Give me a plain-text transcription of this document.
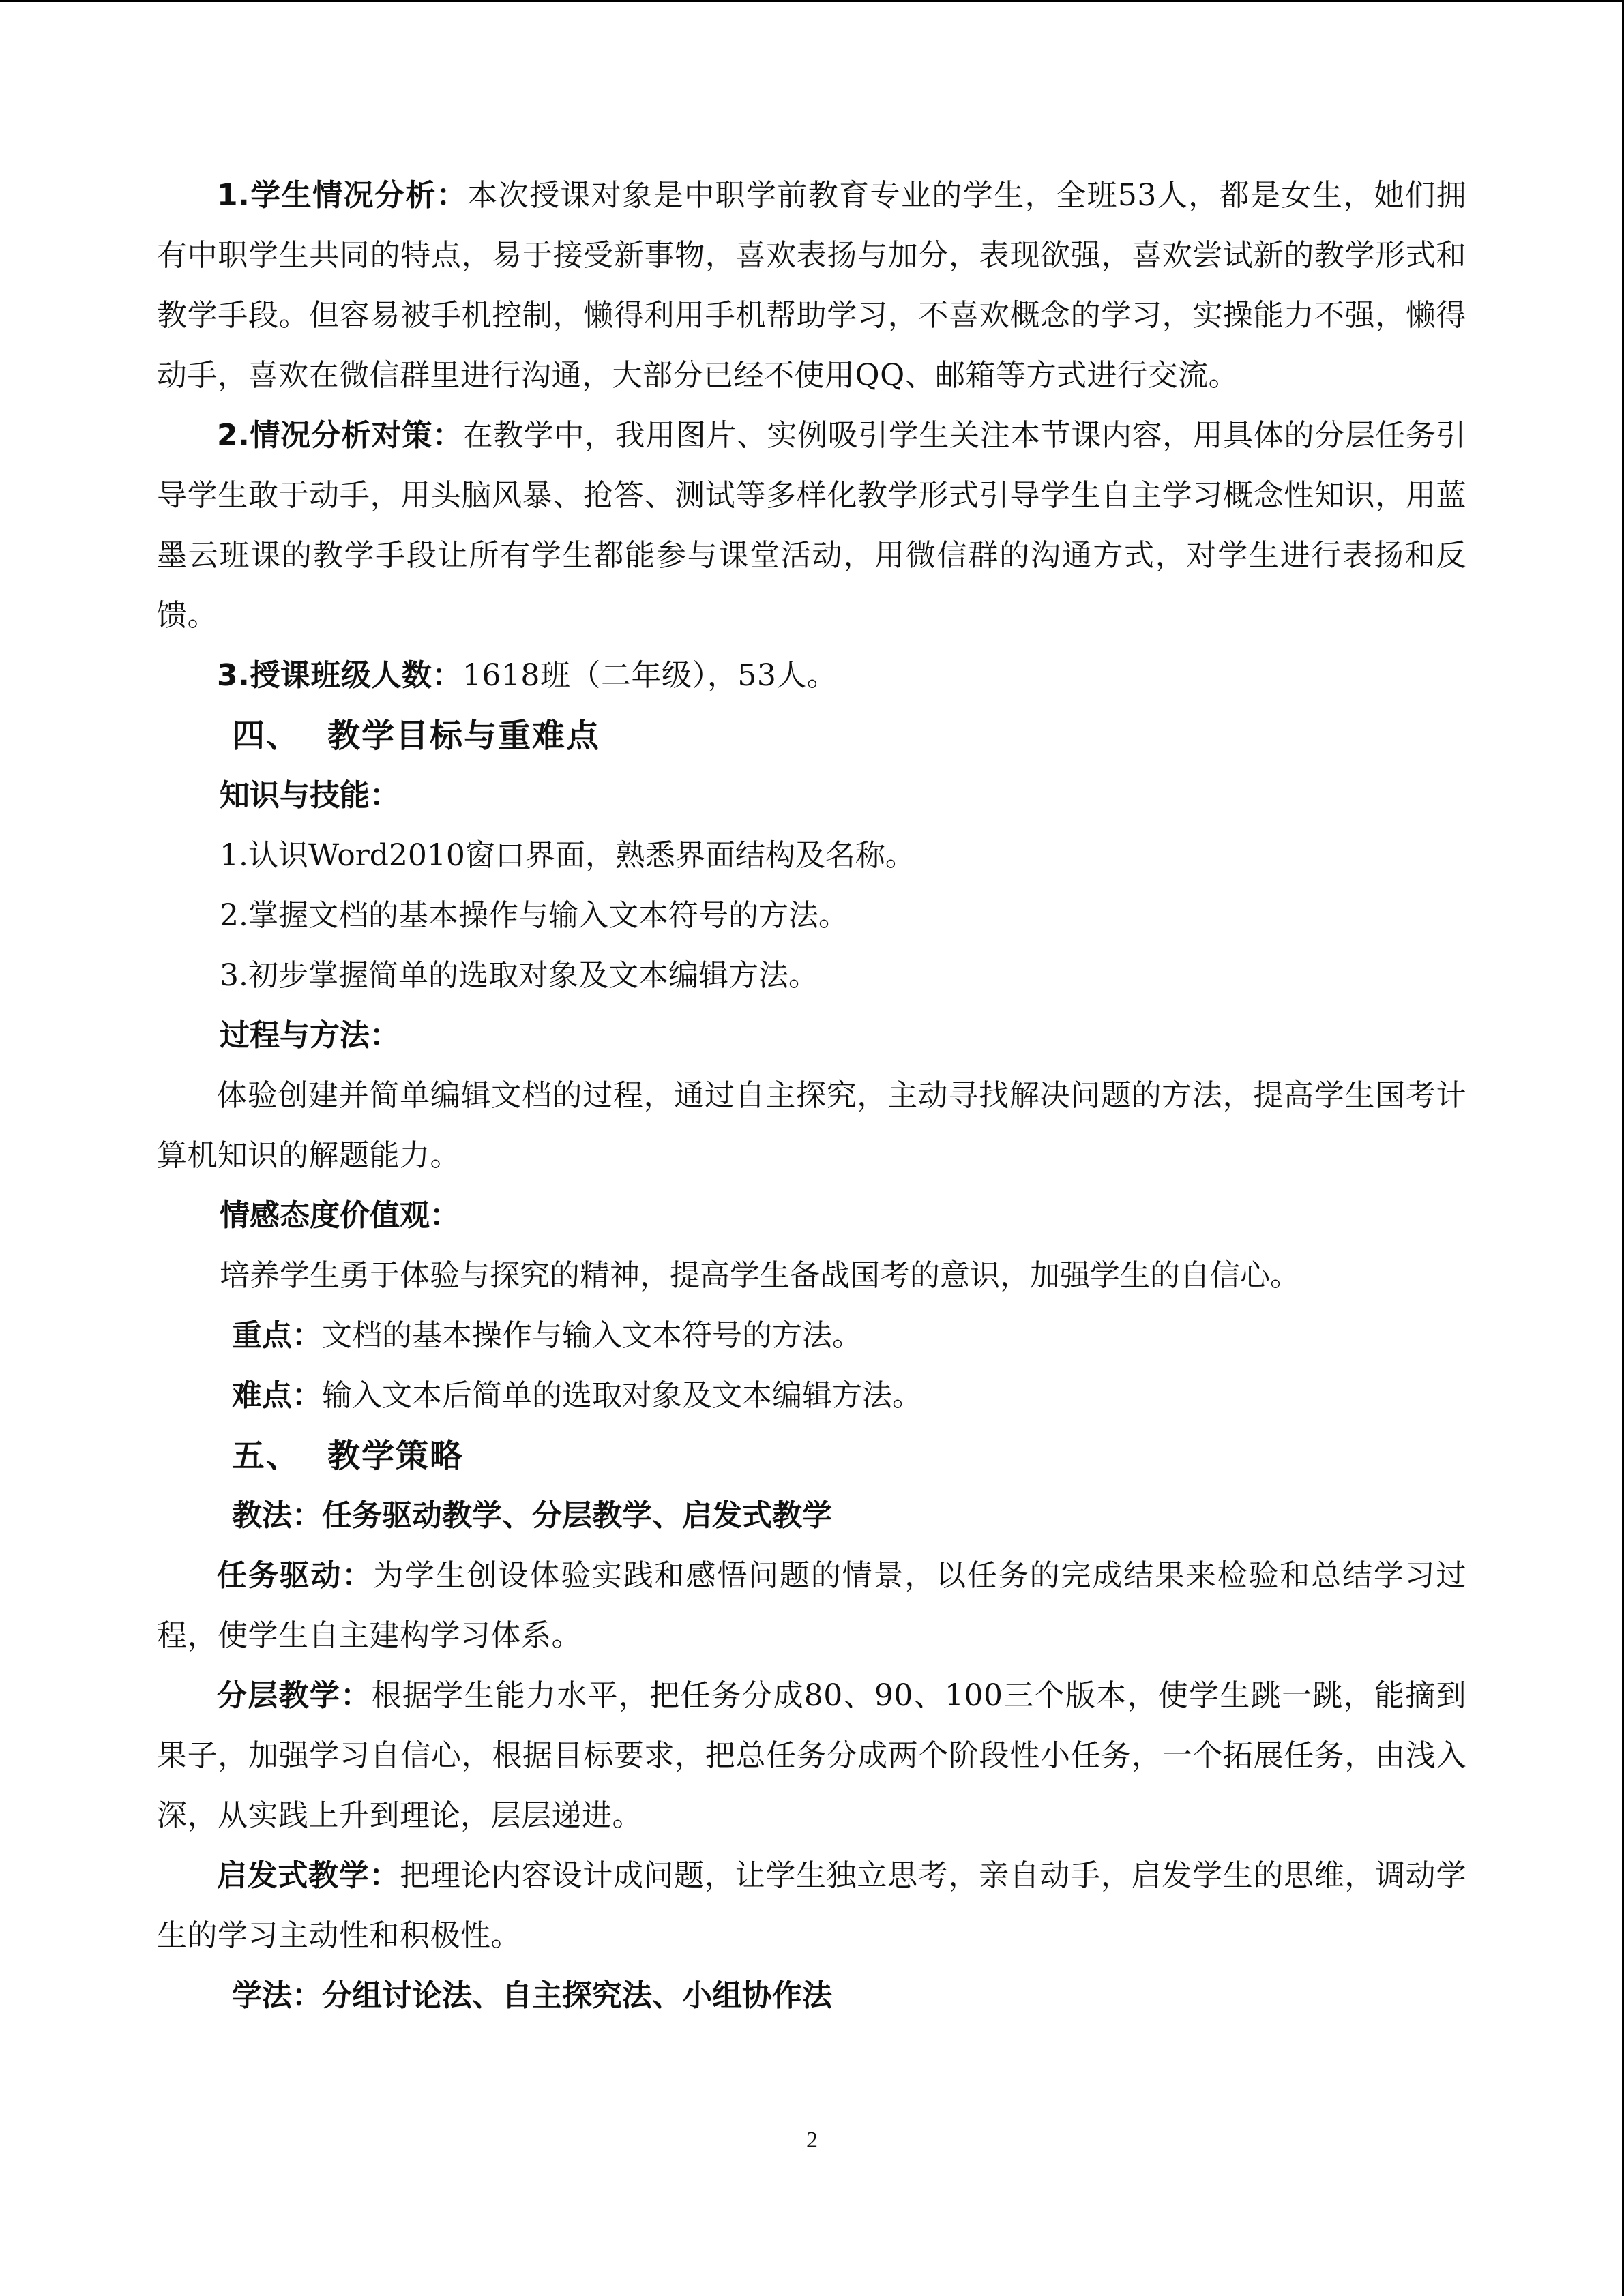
1.学生情况分析：本次授课对象是中职学前教育专业的学生，全班53人，都是女生，她们拥有中职学生共同的特点，易于接受新事物，喜欢表扬与加分，表现欲强，喜欢尝试新的教学形式和教学手段。但容易被手机控制，懒得利用手机帮助学习，不喜欢概念的学习，实操能力不强，懒得动手，喜欢在微信群里进行沟通，大部分已经不使用QQ、邮箱等方式进行交流。

2.情况分析对策：在教学中，我用图片、实例吸引学生关注本节课内容，用具体的分层任务引导学生敢于动手，用头脑风暴、抢答、测试等多样化教学形式引导学生自主学习概念性知识，用蓝墨云班课的教学手段让所有学生都能参与课堂活动，用微信群的沟通方式，对学生进行表扬和反馈。

3.授课班级人数：1618班（二年级），53人。

四、 教学目标与重难点

知识与技能：

1.认识Word2010窗口界面，熟悉界面结构及名称。

2.掌握文档的基本操作与输入文本符号的方法。

3.初步掌握简单的选取对象及文本编辑方法。

过程与方法：

体验创建并简单编辑文档的过程，通过自主探究，主动寻找解决问题的方法，提高学生国考计算机知识的解题能力。

情感态度价值观：

培养学生勇于体验与探究的精神，提高学生备战国考的意识，加强学生的自信心。

重点：文档的基本操作与输入文本符号的方法。

难点：输入文本后简单的选取对象及文本编辑方法。

五、 教学策略

教法：任务驱动教学、分层教学、启发式教学

任务驱动：为学生创设体验实践和感悟问题的情景，以任务的完成结果来检验和总结学习过程，使学生自主建构学习体系。

分层教学：根据学生能力水平，把任务分成80、90、100三个版本，使学生跳一跳，能摘到果子，加强学习自信心，根据目标要求，把总任务分成两个阶段性小任务，一个拓展任务，由浅入深，从实践上升到理论，层层递进。

启发式教学：把理论内容设计成问题，让学生独立思考，亲自动手，启发学生的思维，调动学生的学习主动性和积极性。

学法：分组讨论法、自主探究法、小组协作法

2
